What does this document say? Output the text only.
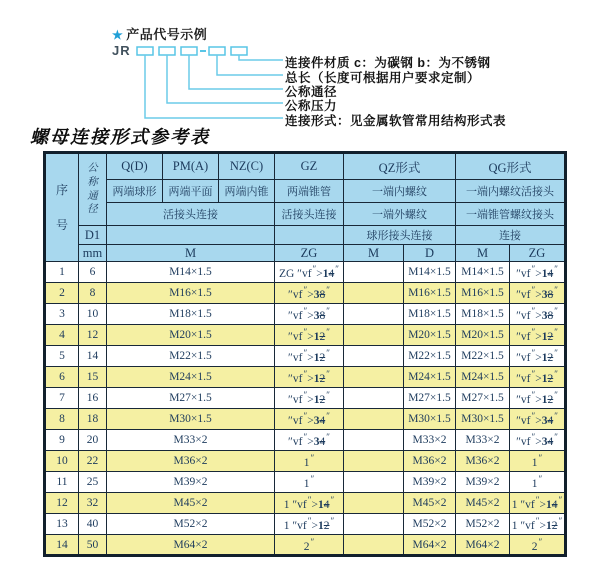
★ 产品代号示例
JR
连接件材质 c：为碳钢 b：为不锈钢
总长（长度可根据用户要求定制）
公称通径
公称压力
连接形式：见金属软管常用结构形式表
螺母连接形式参考表
序号	公称通径	Q(D)	PM(A)	NZ(C)	GZ	QZ形式		QG形式	
		两端球形	两端平面	两端内锥	两端锥管	一端内螺纹		一端内螺纹活接头	
		活接头连接			活接头连接	一端外螺纹		一端锥管螺纹接头	
	D1					球形接头连接		连接	
	mm	M			ZG	M	D	M	ZG
1	6	M14×1.5			ZG ″vf″>14″		M14×1.5	M14×1.5	″vf″>14″
2	8	M16×1.5			″vf″>38″		M16×1.5	M16×1.5	″vf″>38″
3	10	M18×1.5			″vf″>38″		M18×1.5	M18×1.5	″vf″>38″
4	12	M20×1.5			″vf″>12″		M20×1.5	M20×1.5	″vf″>12″
5	14	M22×1.5			″vf″>12″		M22×1.5	M22×1.5	″vf″>12″
6	15	M24×1.5			″vf″>12″		M24×1.5	M24×1.5	″vf″>12″
7	16	M27×1.5			″vf″>12″		M27×1.5	M27×1.5	″vf″>12″
8	18	M30×1.5			″vf″>34″		M30×1.5	M30×1.5	″vf″>34″
9	20	M33×2			″vf″>34″		M33×2	M33×2	″vf″>34″
10	22	M36×2			1″		M36×2	M36×2	1″
11	25	M39×2			1″		M39×2	M39×2	1″
12	32	M45×2			1 ″vf″>14″		M45×2	M45×2	1 ″vf″>14″
13	40	M52×2			1 ″vf″>12″		M52×2	M52×2	1 ″vf″>12″
14	50	M64×2			2″		M64×2	M64×2	2″
